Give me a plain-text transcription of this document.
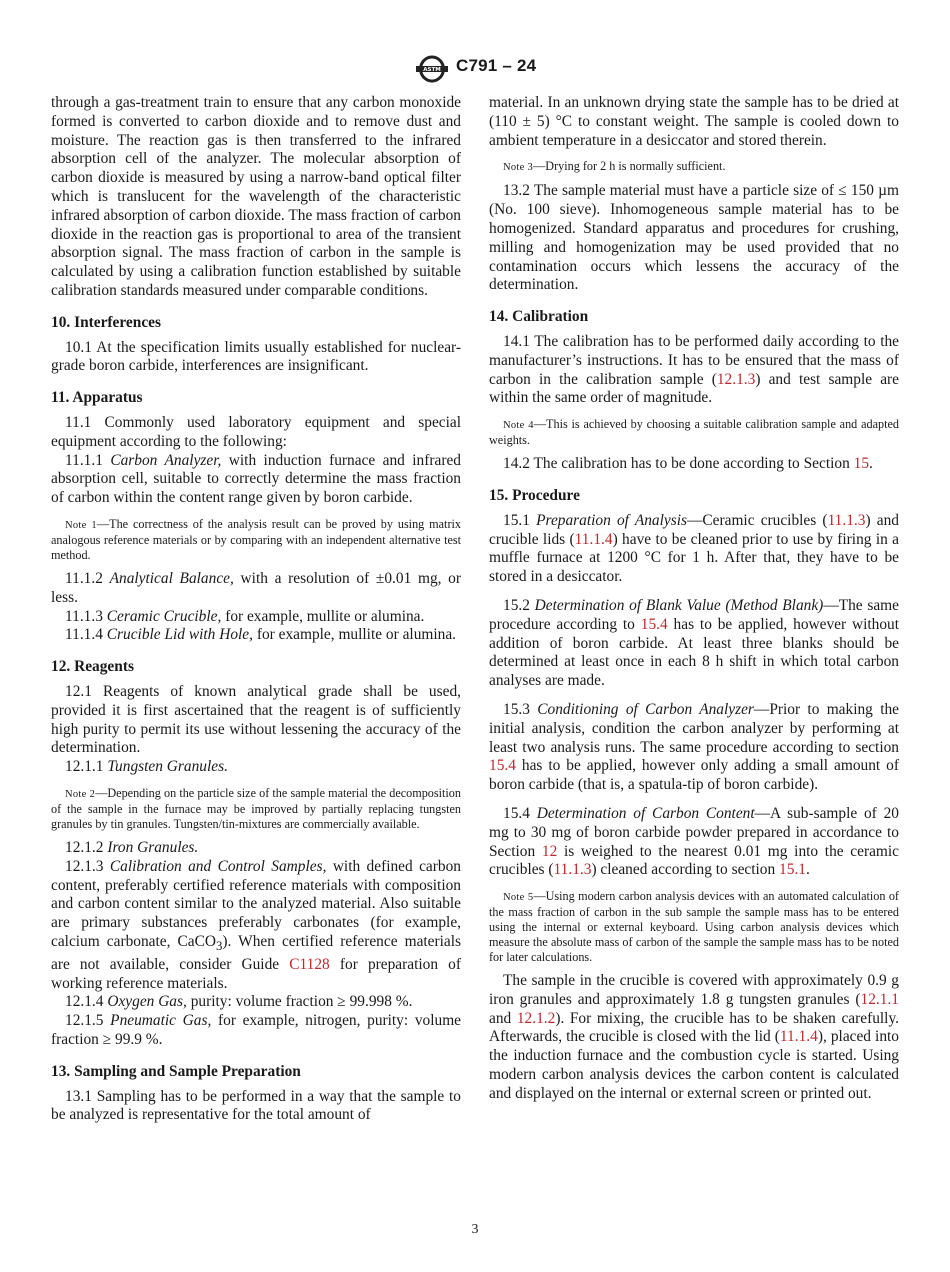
ASTM C791 – 24

through a gas-treatment train to ensure that any carbon monoxide formed is converted to carbon dioxide and to remove dust and moisture. The reaction gas is then transferred to the infrared absorption cell of the analyzer. The molecular absorption of carbon dioxide is measured by using a narrow-band optical filter which is translucent for the wavelength of the characteristic infrared absorption of carbon dioxide. The mass fraction of carbon dioxide in the reaction gas is proportional to area of the transient absorption signal. The mass fraction of carbon in the sample is calculated by using a calibration function established by suitable calibration standards measured under comparable conditions.

10. Interferences

10.1 At the specification limits usually established for nuclear-grade boron carbide, interferences are insignificant.

11. Apparatus

11.1 Commonly used laboratory equipment and special equipment according to the following:

11.1.1 Carbon Analyzer, with induction furnace and infrared absorption cell, suitable to correctly determine the mass fraction of carbon within the content range given by boron carbide.

Note 1—The correctness of the analysis result can be proved by using matrix analogous reference materials or by comparing with an independent alternative test method.

11.1.2 Analytical Balance, with a resolution of ±0.01 mg, or less.

11.1.3 Ceramic Crucible, for example, mullite or alumina.

11.1.4 Crucible Lid with Hole, for example, mullite or alumina.

12. Reagents

12.1 Reagents of known analytical grade shall be used, provided it is first ascertained that the reagent is of sufficiently high purity to permit its use without lessening the accuracy of the determination.

12.1.1 Tungsten Granules.

Note 2—Depending on the particle size of the sample material the decomposition of the sample in the furnace may be improved by partially replacing tungsten granules by tin granules. Tungsten/tin-mixtures are commercially available.

12.1.2 Iron Granules.

12.1.3 Calibration and Control Samples, with defined carbon content, preferably certified reference materials with composition and carbon content similar to the analyzed material. Also suitable are primary substances preferably carbonates (for example, calcium carbonate, CaCO$_3$). When certified reference materials are not available, consider Guide C1128 for preparation of working reference materials.

12.1.4 Oxygen Gas, purity: volume fraction ≥ 99.998 %.

12.1.5 Pneumatic Gas, for example, nitrogen, purity: volume fraction ≥ 99.9 %.

13. Sampling and Sample Preparation

13.1 Sampling has to be performed in a way that the sample to be analyzed is representative for the total amount of

material. In an unknown drying state the sample has to be dried at (110 ± 5) °C to constant weight. The sample is cooled down to ambient temperature in a desiccator and stored therein.

Note 3—Drying for 2 h is normally sufficient.

13.2 The sample material must have a particle size of ≤ 150 µm (No. 100 sieve). Inhomogeneous sample material has to be homogenized. Standard apparatus and procedures for crushing, milling and homogenization may be used provided that no contamination occurs which lessens the accuracy of the determination.

14. Calibration

14.1 The calibration has to be performed daily according to the manufacturer’s instructions. It has to be ensured that the mass of carbon in the calibration sample (12.1.3) and test sample are within the same order of magnitude.

Note 4—This is achieved by choosing a suitable calibration sample and adapted weights.

14.2 The calibration has to be done according to Section 15.

15. Procedure

15.1 Preparation of Analysis—Ceramic crucibles (11.1.3) and crucible lids (11.1.4) have to be cleaned prior to use by firing in a muffle furnace at 1200 °C for 1 h. After that, they have to be stored in a desiccator.

15.2 Determination of Blank Value (Method Blank)—The same procedure according to 15.4 has to be applied, however without addition of boron carbide. At least three blanks should be determined at least once in each 8 h shift in which total carbon analyses are made.

15.3 Conditioning of Carbon Analyzer—Prior to making the initial analysis, condition the carbon analyzer by performing at least two analysis runs. The same procedure according to section 15.4 has to be applied, however only adding a small amount of boron carbide (that is, a spatula-tip of boron carbide).

15.4 Determination of Carbon Content—A sub-sample of 20 mg to 30 mg of boron carbide powder prepared in accordance to Section 12 is weighed to the nearest 0.01 mg into the ceramic crucibles (11.1.3) cleaned according to section 15.1.

Note 5—Using modern carbon analysis devices with an automated calculation of the mass fraction of carbon in the sub sample the sample mass has to be entered using the internal or external keyboard. Using carbon analysis devices which measure the absolute mass of carbon of the sample the sample mass has to be noted for later calculations.

The sample in the crucible is covered with approximately 0.9 g iron granules and approximately 1.8 g tungsten granules (12.1.1 and 12.1.2). For mixing, the crucible has to be shaken carefully. Afterwards, the crucible is closed with the lid (11.1.4), placed into the induction furnace and the combustion cycle is started. Using modern carbon analysis devices the carbon content is calculated and displayed on the internal or external screen or printed out.

3
